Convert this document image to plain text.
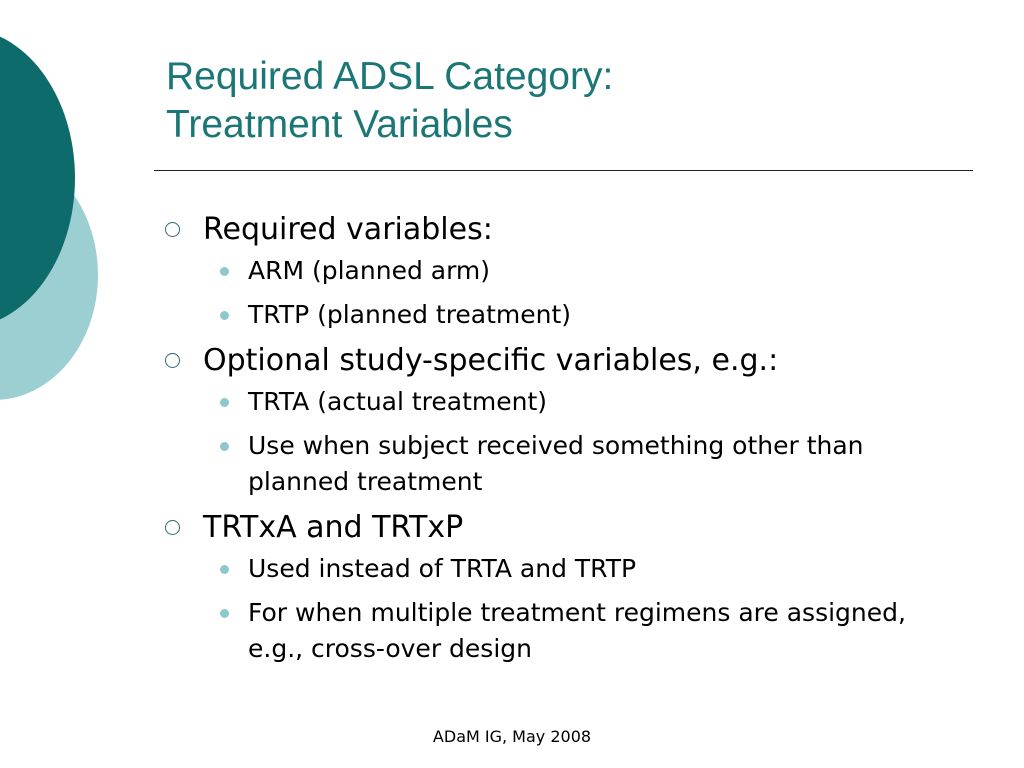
Required ADSL Category:
Treatment Variables
Required variables:
ARM (planned arm)
TRTP (planned treatment)
Optional study-specific variables, e.g.:
TRTA (actual treatment)
Use when subject received something other than planned treatment
TRTxA and TRTxP
Used instead of TRTA and TRTP
For when multiple treatment regimens are assigned, e.g., cross-over design
ADaM IG, May 2008
